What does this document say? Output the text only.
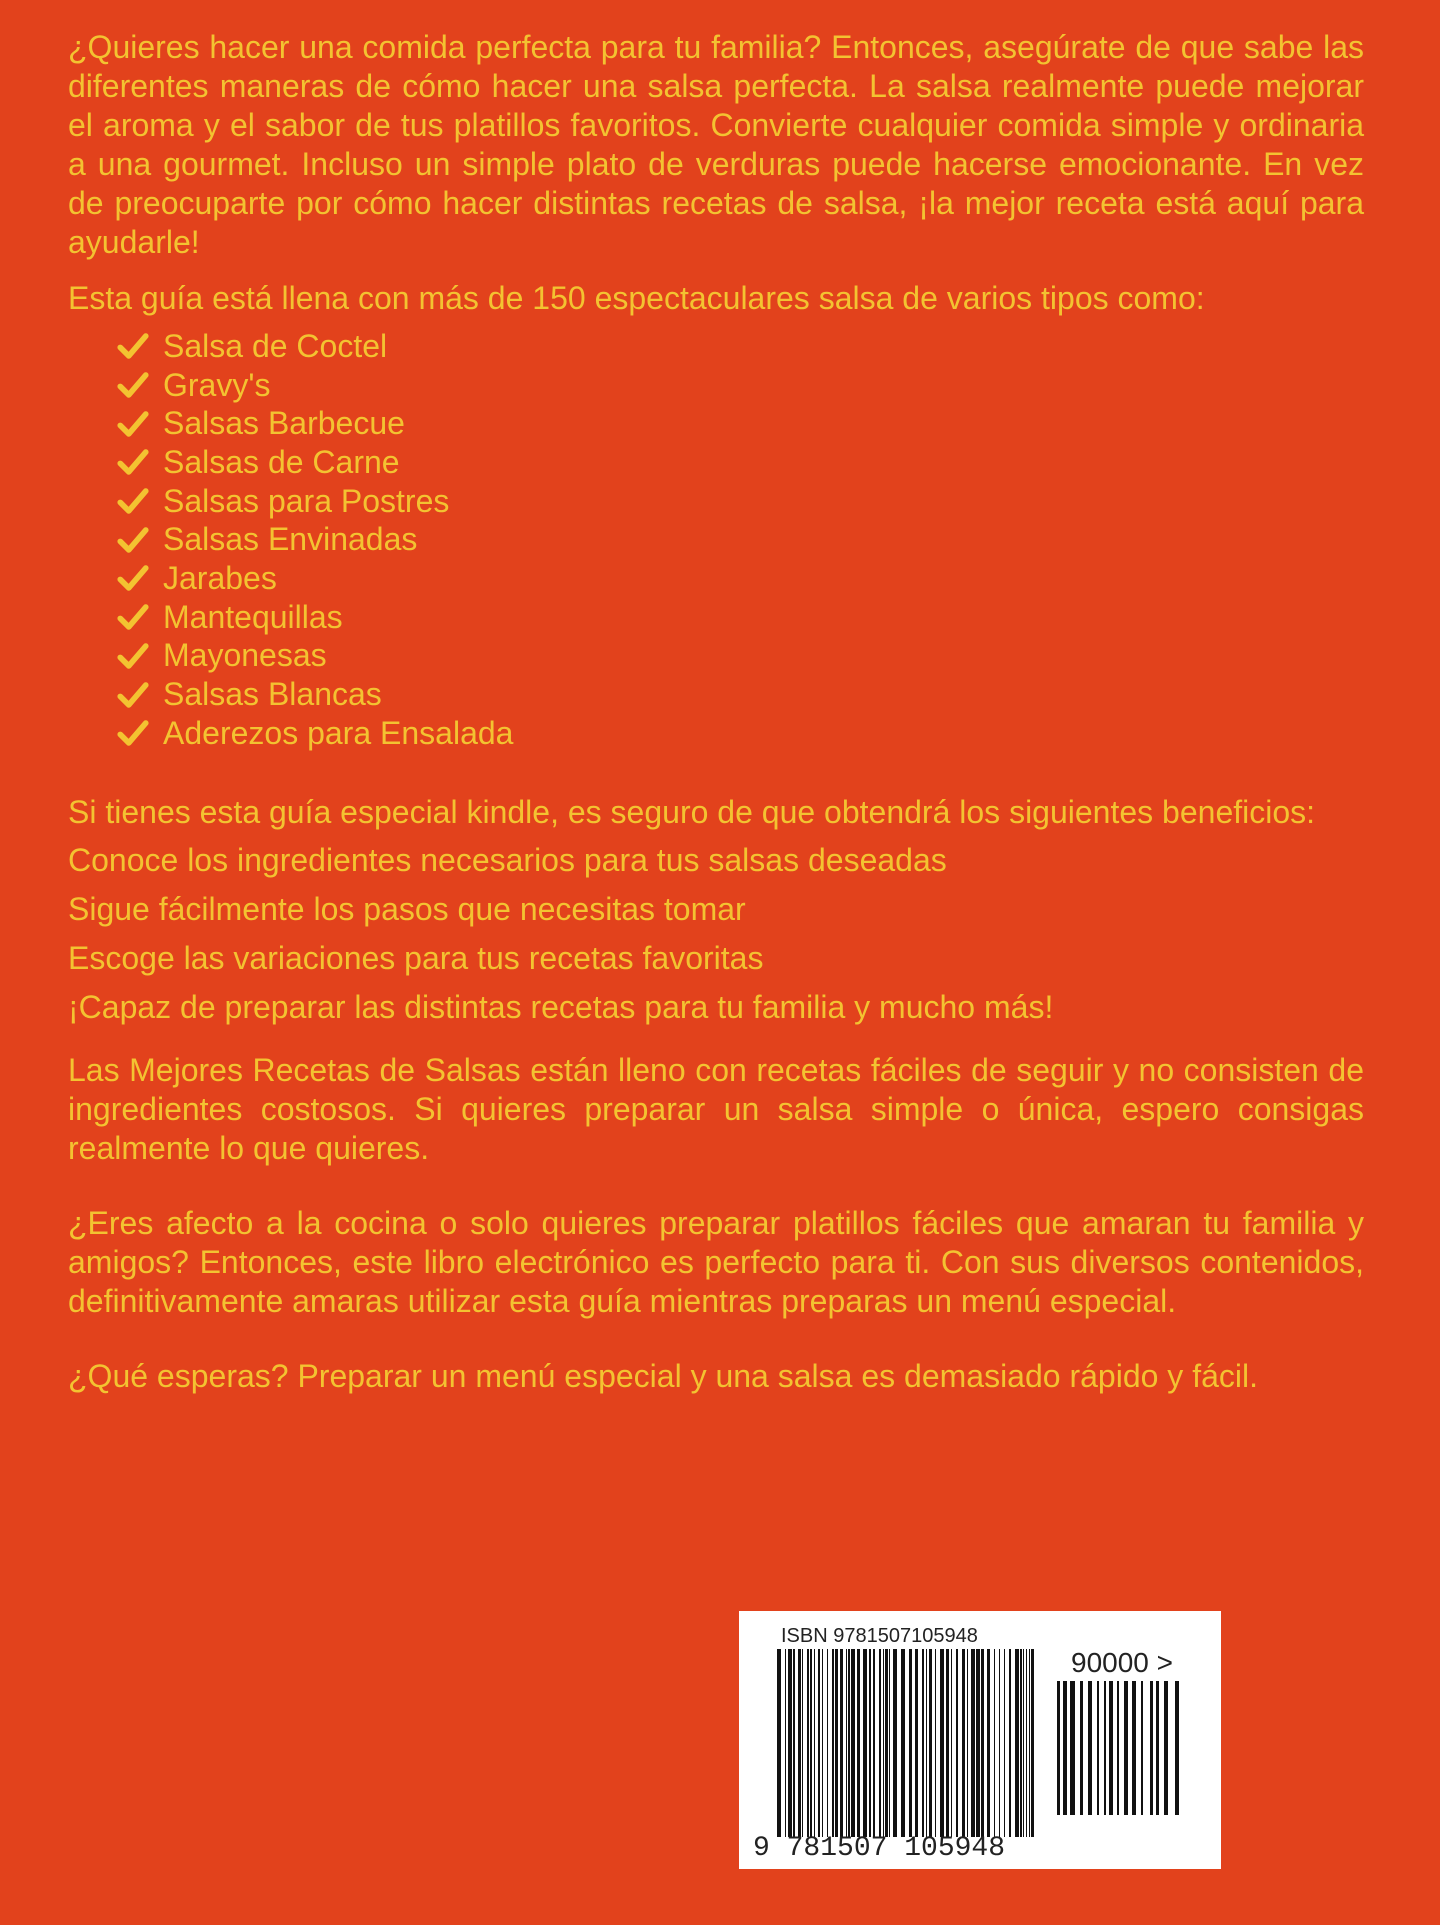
¿Quieres hacer una comida perfecta para tu familia? Entonces, asegúrate de que sabe las diferentes maneras de cómo hacer una salsa perfecta. La salsa realmente puede mejorar el aroma y el sabor de tus platillos favoritos. Convierte cualquier comida simple y ordinaria a una gourmet. Incluso un simple plato de verduras puede hacerse emocionante. En vez de preocuparte por cómo hacer distintas recetas de salsa, ¡la mejor receta está aquí para ayudarle!

Esta guía está llena con más de 150 espectaculares salsa de varios tipos como:

Salsa de Coctel
Gravy's
Salsas Barbecue
Salsas de Carne
Salsas para Postres
Salsas Envinadas
Jarabes
Mantequillas
Mayonesas
Salsas Blancas
Aderezos para Ensalada

Si tienes esta guía especial kindle, es seguro de que obtendrá los siguientes beneficios:

Conoce los ingredientes necesarios para tus salsas deseadas

Sigue fácilmente los pasos que necesitas tomar

Escoge las variaciones para tus recetas favoritas

¡Capaz de preparar las distintas recetas para tu familia y mucho más!

Las Mejores Recetas de Salsas están lleno con recetas fáciles de seguir y no consisten de ingredientes costosos. Si quieres preparar un salsa simple o única, espero consigas realmente lo que quieres.

¿Eres afecto a la cocina o solo quieres preparar platillos fáciles que amaran tu familia y amigos? Entonces, este libro electrónico es perfecto para ti. Con sus diversos contenidos, definitivamente amaras utilizar esta guía mientras preparas un menú especial.

¿Qué esperas? Preparar un menú especial y una salsa es demasiado rápido y fácil.

ISBN 9781507105948
90000 >
9 781507 105948
